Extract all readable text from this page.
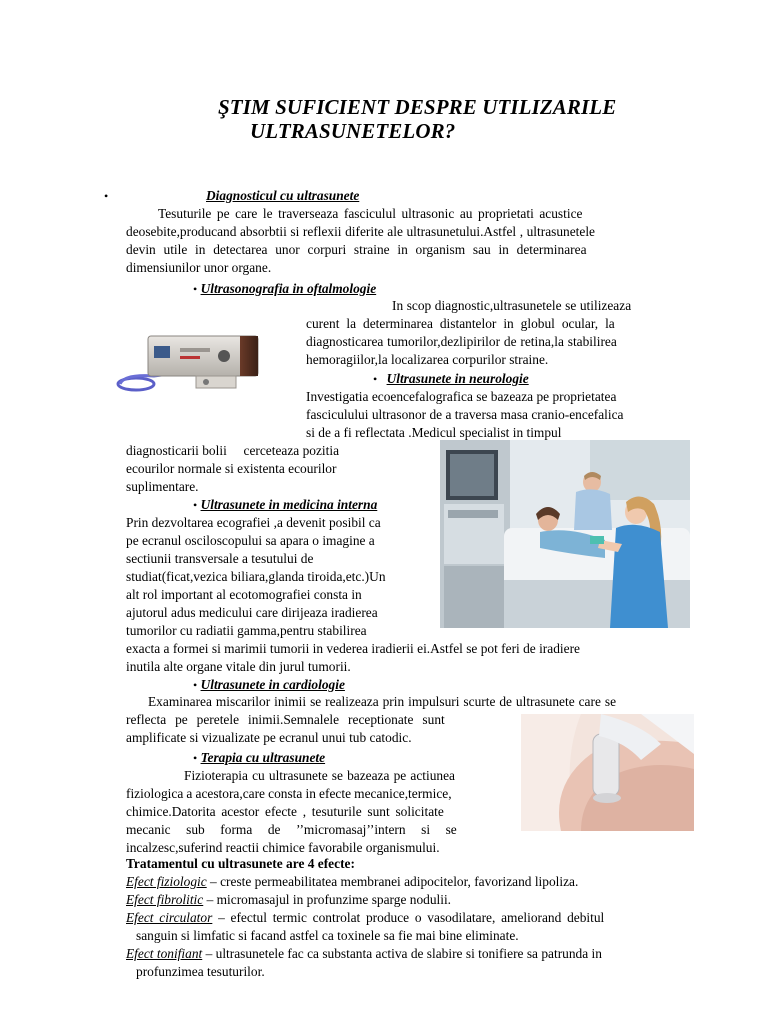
ŞTIM SUFICIENT DESPRE UTILIZARILE
ULTRASUNETELOR?
•	Diagnosticul cu ultrasunete
Tesuturile pe care le traverseaza fasciculul ultrasonic au proprietati acustice
deosebite,producand absorbtii si reflexii diferite ale ultrasunetului.Astfel , ultrasunetele
devin utile in detectarea unor corpuri straine in organism sau in determinarea
dimensiunilor unor organe.
• Ultrasonografia in oftalmologie
In scop diagnostic,ultrasunetele se utilizeaza
curent la determinarea distantelor in globul ocular, la
diagnosticarea tumorilor,dezlipirilor de retina,la stabilirea
hemoragiilor,la localizarea corpurilor straine.
• Ultrasunete in neurologie
Investigatia ecoencefalografica se bazeaza pe proprietatea
fasciculului ultrasonor de a traversa masa cranio-encefalica
si de a fi reflectata .Medicul specialist in timpul
diagnosticarii bolii     cerceteaza pozitia
ecourilor normale si existenta ecourilor
suplimentare.
• Ultrasunete in medicina interna
Prin dezvoltarea ecografiei ,a devenit posibil ca
pe ecranul osciloscopului sa apara o imagine a
sectiunii transversale a tesutului de
studiat(ficat,vezica biliara,glanda tiroida,etc.)Un
alt rol important al ecotomografiei consta in
ajutorul adus medicului care dirijeaza iradierea
tumorilor cu radiatii gamma,pentru stabilirea
exacta a formei si marimii tumorii in vederea iradierii ei.Astfel se pot feri de iradiere
inutila alte organe vitale din jurul tumorii.
• Ultrasunete in cardiologie
Examinarea miscarilor inimii se realizeaza prin impulsuri scurte de ultrasunete care se
reflecta pe peretele inimii.Semnalele receptionate sunt
amplificate si vizualizate pe ecranul unui tub catodic.
• Terapia cu ultrasunete
Fizioterapia cu ultrasunete se bazeaza pe actiunea
fiziologica a acestora,care consta in efecte mecanice,termice,
chimice.Datorita acestor efecte , tesuturile sunt solicitate
mecanic sub forma de ’’micromasaj’’intern si se
incalzesc,suferind reactii chimice favorabile organismului.
Tratamentul cu ultrasunete are 4 efecte:
Efect fiziologic – creste permeabilitatea membranei adipocitelor, favorizand lipoliza.
Efect fibrolitic – micromasajul in profunzime sparge nodulii.
Efect circulator – efectul termic controlat produce o vasodilatare, ameliorand debitul
sanguin si limfatic si facand astfel ca toxinele sa fie mai bine eliminate.
Efect tonifiant – ultrasunetele fac ca substanta activa de slabire si tonifiere sa patrunda in
profunzimea tesuturilor.
